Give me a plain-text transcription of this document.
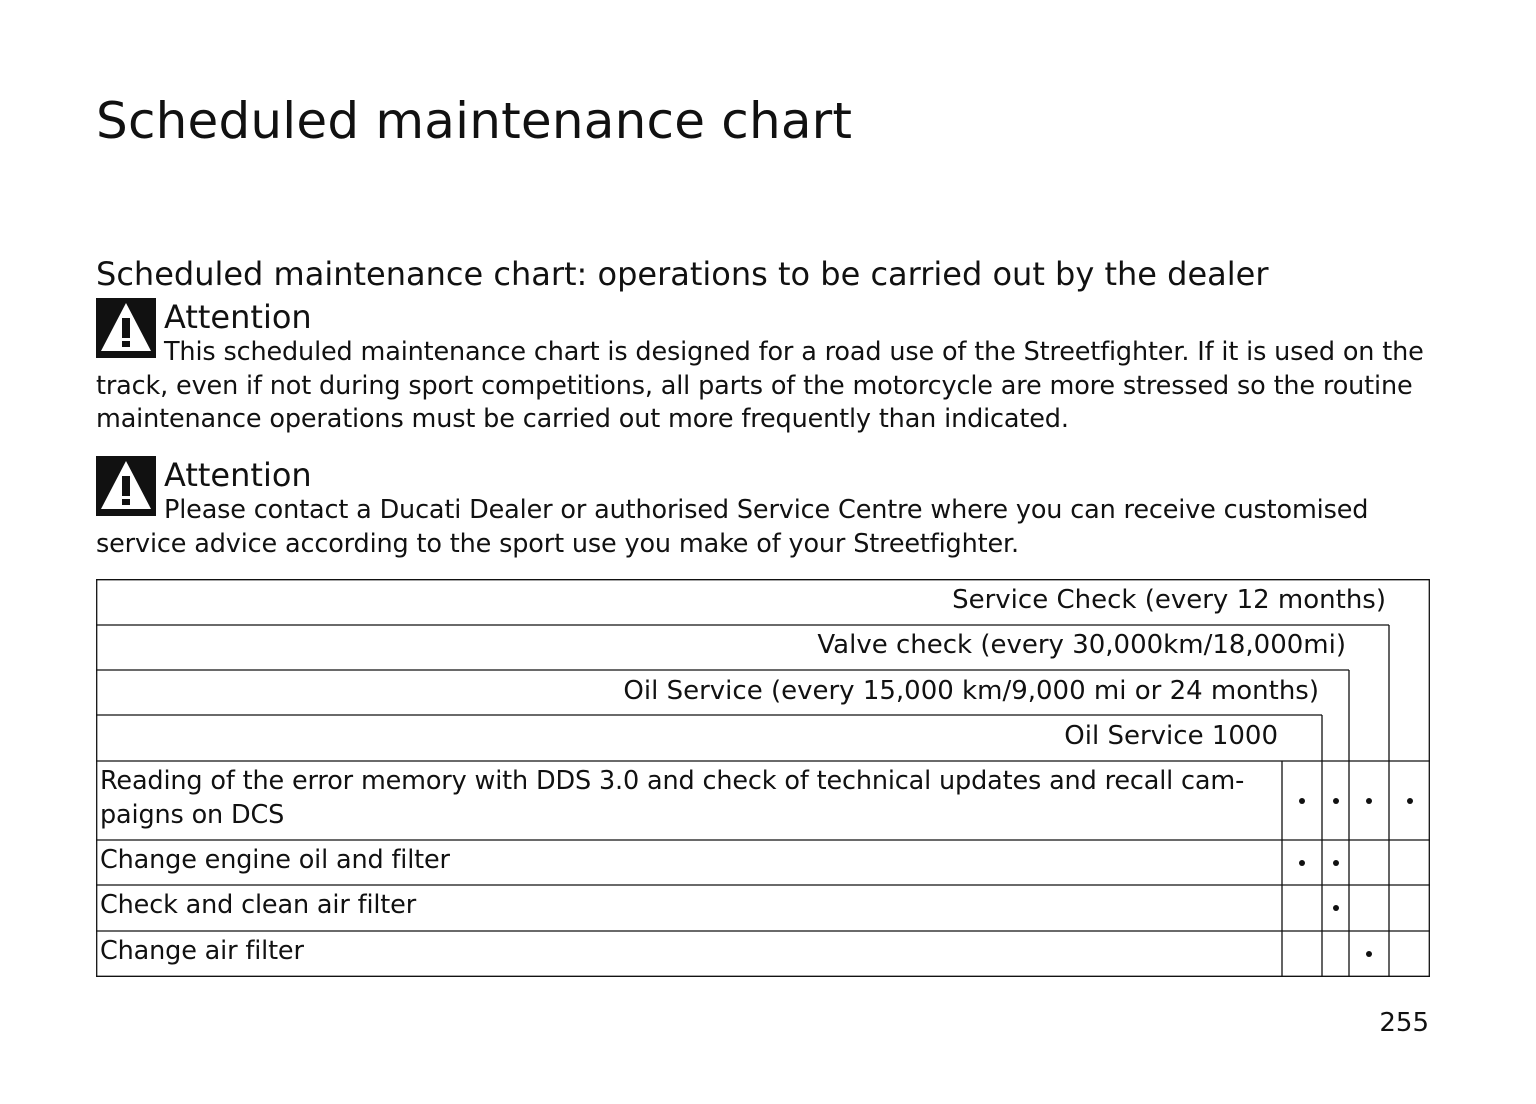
Scheduled maintenance chart
Scheduled maintenance chart: operations to be carried out by the dealer
Attention
This scheduled maintenance chart is designed for a road use of the Streetfighter. If it is used on the track, even if not during sport competitions, all parts of the motorcycle are more stressed so the routine maintenance operations must be carried out more frequently than indicated.
Attention
Please contact a Ducati Dealer or authorised Service Centre where you can receive customised service advice according to the sport use you make of your Streetfighter.
Service Check (every 12 months)
Valve check (every 30,000km/18,000mi)
Oil Service (every 15,000 km/9,000 mi or 24 months)
Oil Service 1000
Reading of the error memory with DDS 3.0 and check of technical updates and recall cam-
paigns on DCS
Change engine oil and filter
Check and clean air filter
Change air filter
255
